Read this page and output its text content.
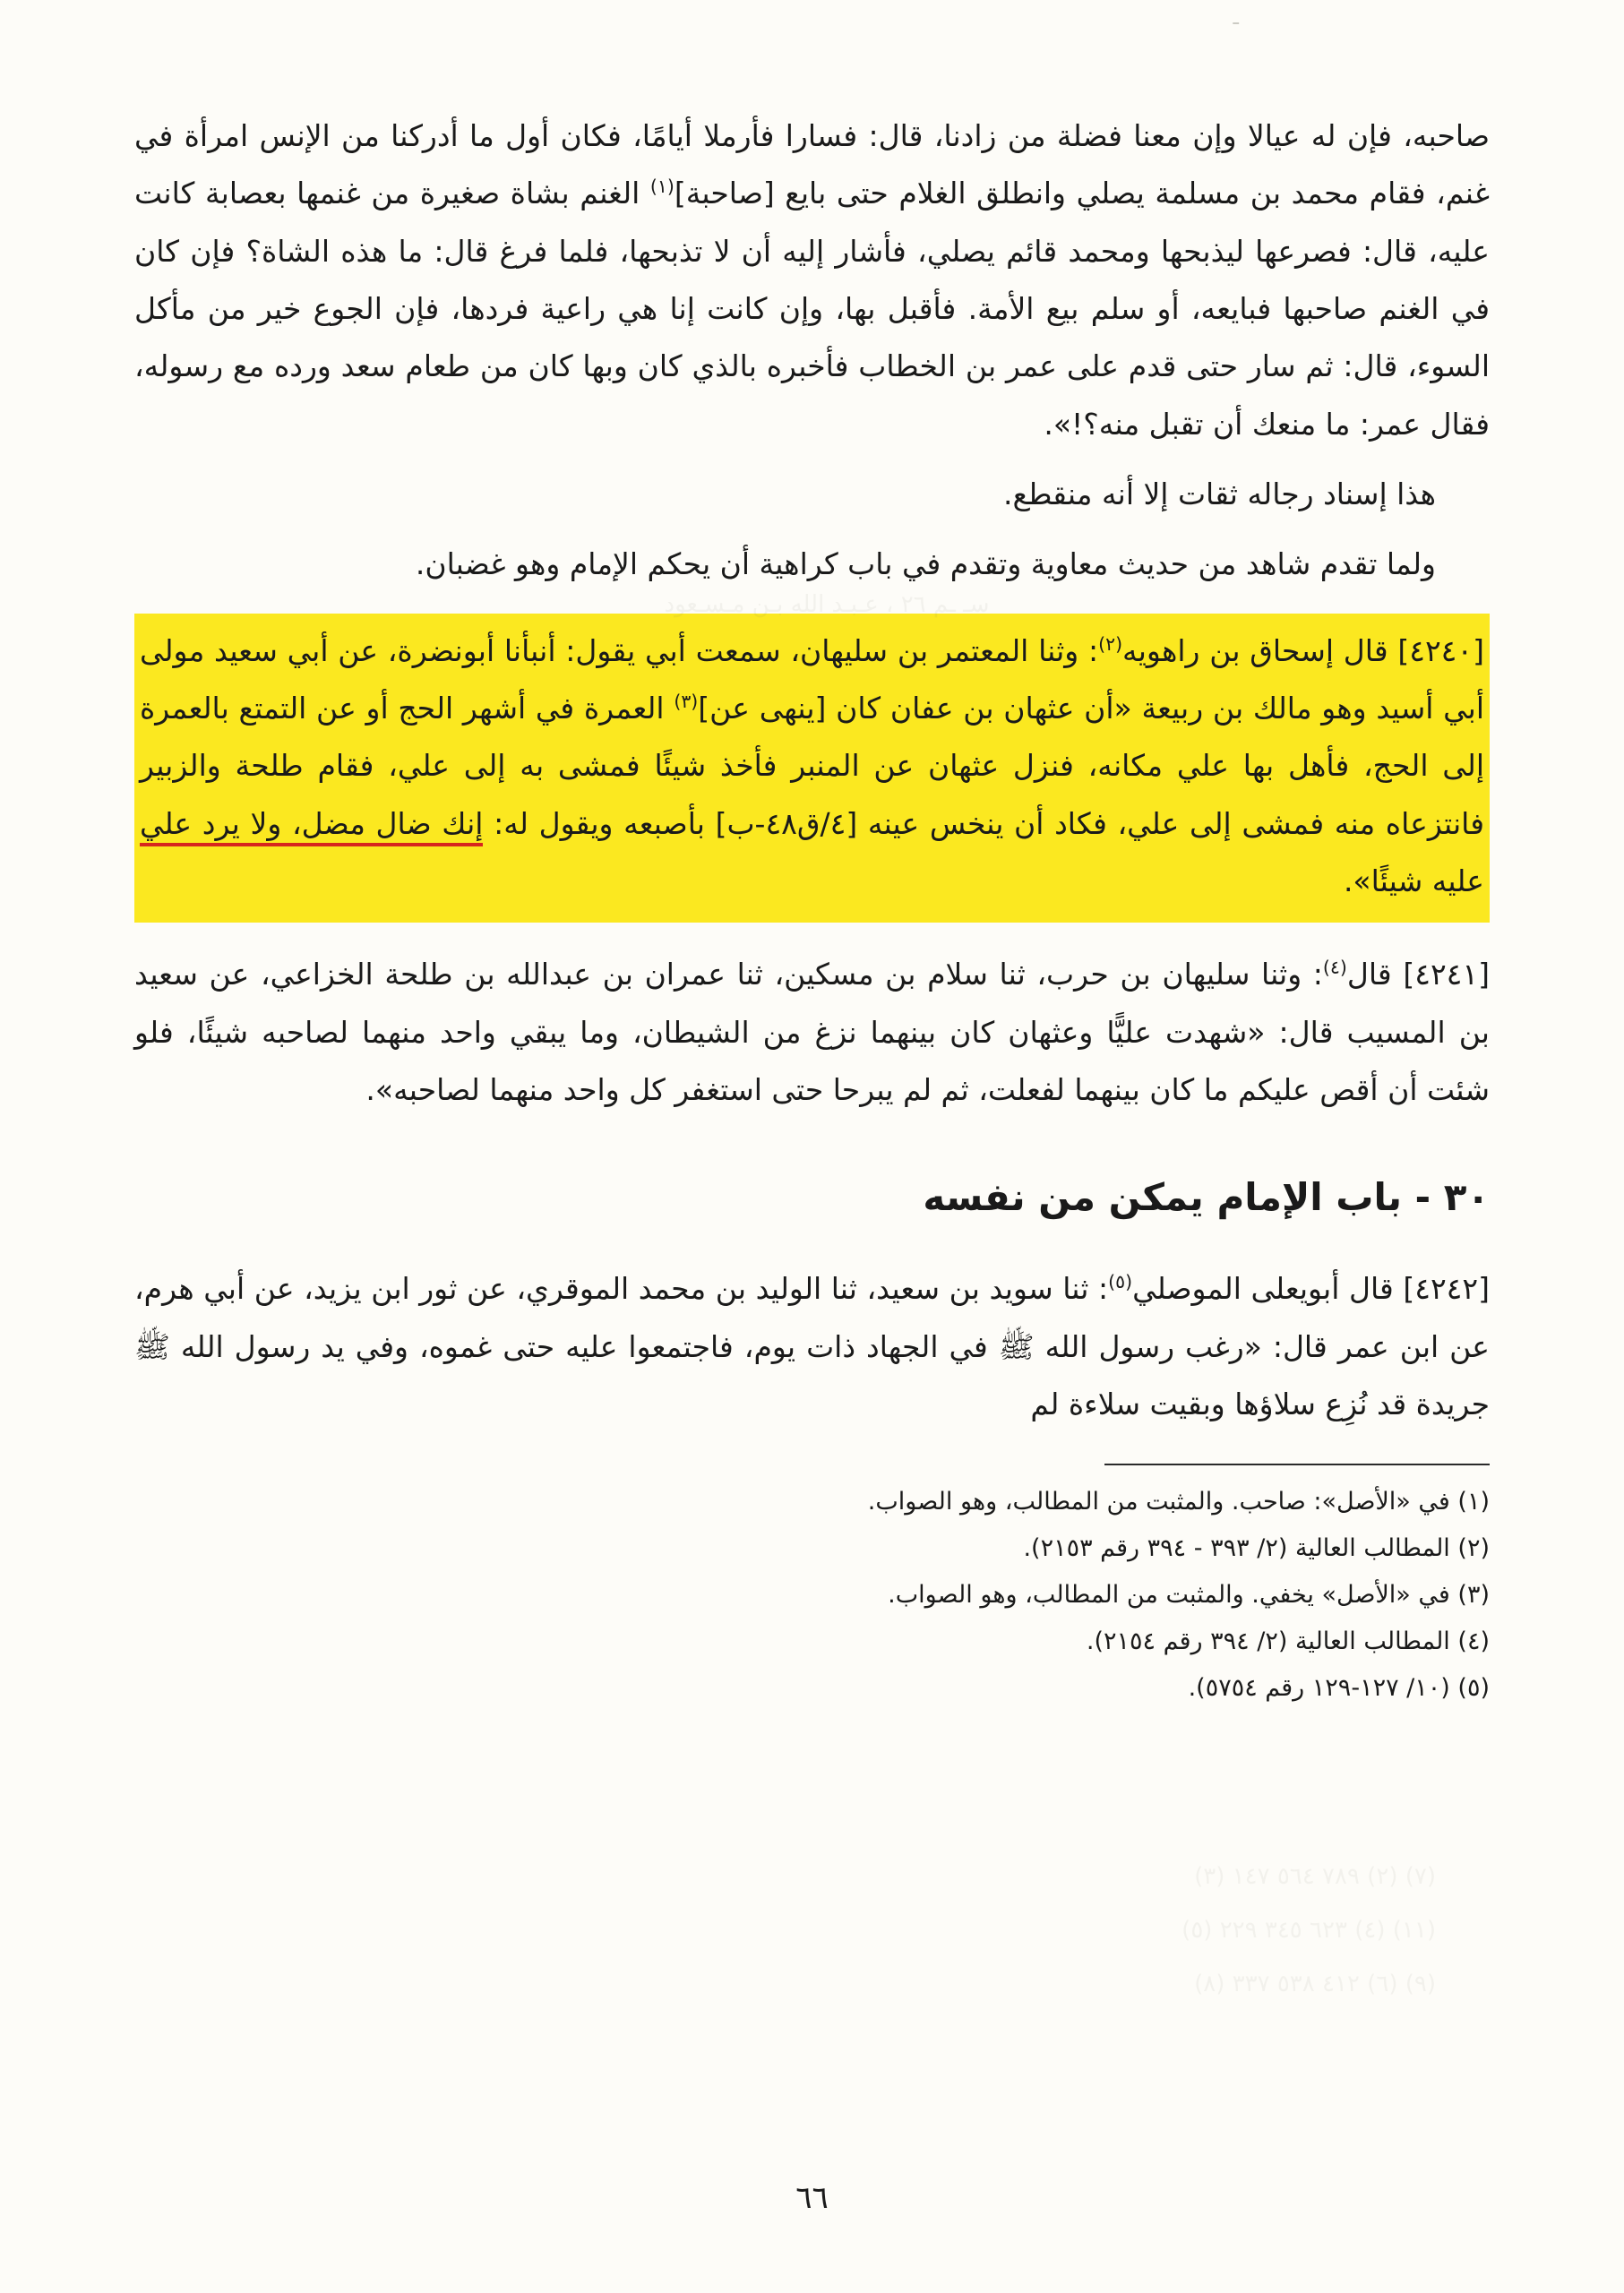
ـ
سـ ـم ٢٦ ، عـبـد الله بـن مـسـعود
(٧) (٢) ٧٨٩ ٥٦٤ ١٤٧ (٣)
(١١) (٤) ٦٢٣ ٣٤٥ ٢٢٩ (٥)
(٩) (٦) ٤١٢ ٥٣٨ ٣٣٧ (٨)

صاحبه، فإن له عيالا وإن معنا فضلة من زادنا، قال: فسارا فأرملا أيامًا، فكان أول ما أدركنا من الإنس امرأة في غنم، فقام محمد بن مسلمة يصلي وانطلق الغلام حتى بايع [صاحبة]$^{(١)}$ الغنم بشاة صغيرة من غنمها بعصابة كانت عليه، قال: فصرعها ليذبحها ومحمد قائم يصلي، فأشار إليه أن لا تذبحها، فلما فرغ قال: ما هذه الشاة؟ فإن كان في الغنم صاحبها فبايعه، أو سلم بيع الأمة. فأقبل بها، وإن كانت إنا هي راعية فردها، فإن الجوع خير من مأكل السوء، قال: ثم سار حتى قدم على عمر بن الخطاب فأخبره بالذي كان وبها كان من طعام سعد ورده مع رسوله، فقال عمر: ما منعك أن تقبل منه؟!».

هذا إسناد رجاله ثقات إلا أنه منقطع.

ولما تقدم شاهد من حديث معاوية وتقدم في باب كراهية أن يحكم الإمام وهو غضبان.

[٤٢٤٠] قال إسحاق بن راهويه$^{(٢)}$: وثنا المعتمر بن سليهان، سمعت أبي يقول: أنبأنا أبونضرة، عن أبي سعيد مولى أبي أسيد وهو مالك بن ربيعة «أن عثهان بن عفان كان [ينهى عن]$^{(٣)}$ العمرة في أشهر الحج أو عن التمتع بالعمرة إلى الحج، فأهل بها علي مكانه، فنزل عثهان عن المنبر فأخذ شيئًا فمشى به إلى علي، فقام طلحة والزبير فانتزعاه منه فمشى إلى علي، فكاد أن ينخس عينه [٤/ق٤٨-ب] بأصبعه ويقول له: إنك ضال مضل، ولا يرد علي عليه شيئًا».

[٤٢٤١] قال$^{(٤)}$: وثنا سليهان بن حرب، ثنا سلام بن مسكين، ثنا عمران بن عبدالله بن طلحة الخزاعي، عن سعيد بن المسيب قال: «شهدت عليًّا وعثهان كان بينهما نزغ من الشيطان، وما يبقي واحد منهما لصاحبه شيئًا، فلو شئت أن أقص عليكم ما كان بينهما لفعلت، ثم لم يبرحا حتى استغفر كل واحد منهما لصاحبه».

٣٠ - باب الإمام يمكن من نفسه

[٤٢٤٢] قال أبويعلى الموصلي$^{(٥)}$: ثنا سويد بن سعيد، ثنا الوليد بن محمد الموقري، عن ثور ابن يزيد، عن أبي هرم، عن ابن عمر قال: «رغب رسول الله ﷺ في الجهاد ذات يوم، فاجتمعوا عليه حتى غموه، وفي يد رسول الله ﷺ جريدة قد نُزِع سلاؤها وبقيت سلاءة لم

(١) في «الأصل»: صاحب. والمثبت من المطالب، وهو الصواب.
(٢) المطالب العالية (٢/ ٣٩٣ - ٣٩٤ رقم ٢١٥٣).
(٣) في «الأصل» يخفي. والمثبت من المطالب، وهو الصواب.
(٤) المطالب العالية (٢/ ٣٩٤ رقم ٢١٥٤).
(٥) (١٠/ ١٢٧-١٢٩ رقم ٥٧٥٤).
٦٦
